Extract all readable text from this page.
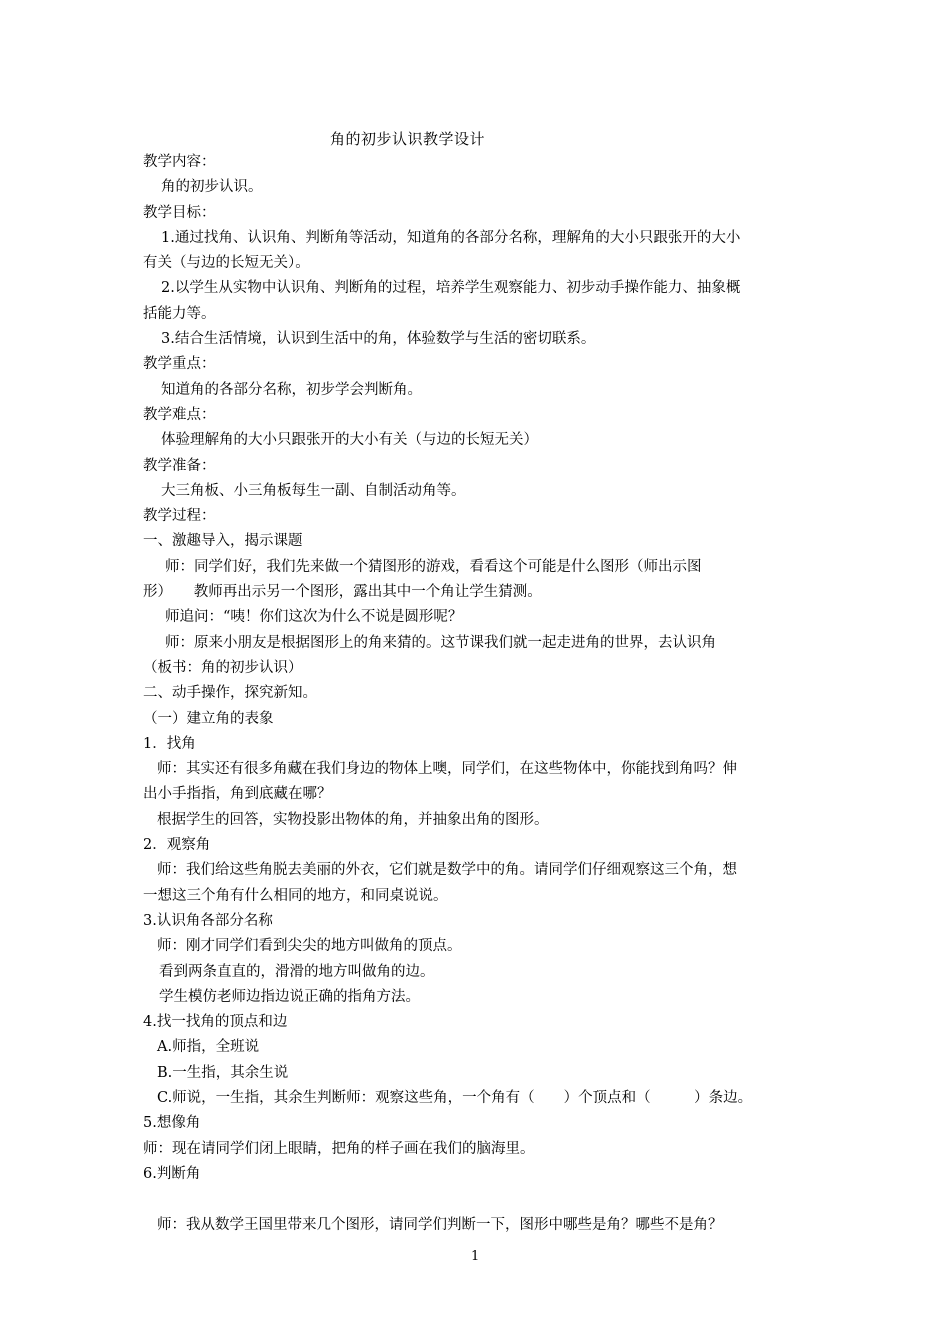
角的初步认识教学设计

教学内容：

角的初步认识。

教学目标：

1.通过找角、认识角、判断角等活动，知道角的各部分名称，理解角的大小只跟张开的大小

有关（与边的长短无关）。

2.以学生从实物中认识角、判断角的过程，培养学生观察能力、初步动手操作能力、抽象概

括能力等。

3.结合生活情境，认识到生活中的角，体验数学与生活的密切联系。

教学重点：

知道角的各部分名称，初步学会判断角。

教学难点：

体验理解角的大小只跟张开的大小有关（与边的长短无关）

教学准备：

大三角板、小三角板每生一副、自制活动角等。

教学过程：

一、激趣导入，揭示课题

师：同学们好，我们先来做一个猜图形的游戏，看看这个可能是什么图形（师出示图

形）　　教师再出示另一个图形，露出其中一个角让学生猜测。

师追问：“咦！你们这次为什么不说是圆形呢？

师：原来小朋友是根据图形上的角来猜的。这节课我们就一起走进角的世界，去认识角

（板书：角的初步认识）

二、动手操作，探究新知。

（一）建立角的表象

1．找角

师：其实还有很多角藏在我们身边的物体上噢，同学们，在这些物体中，你能找到角吗？伸

出小手指指，角到底藏在哪？

根据学生的回答，实物投影出物体的角，并抽象出角的图形。

2．观察角

师：我们给这些角脱去美丽的外衣，它们就是数学中的角。请同学们仔细观察这三个角，想

一想这三个角有什么相同的地方，和同桌说说。

3.认识角各部分名称

师：刚才同学们看到尖尖的地方叫做角的顶点。

看到两条直直的，滑滑的地方叫做角的边。

学生模仿老师边指边说正确的指角方法。

4.找一找角的顶点和边

A.师指，全班说

B.一生指，其余生说

C.师说，一生指，其余生判断师：观察这些角，一个角有（　　）个顶点和（　　　）条边。

5.想像角

师：现在请同学们闭上眼睛，把角的样子画在我们的脑海里。

6.判断角

师：我从数学王国里带来几个图形，请同学们判断一下，图形中哪些是角？哪些不是角？

1
